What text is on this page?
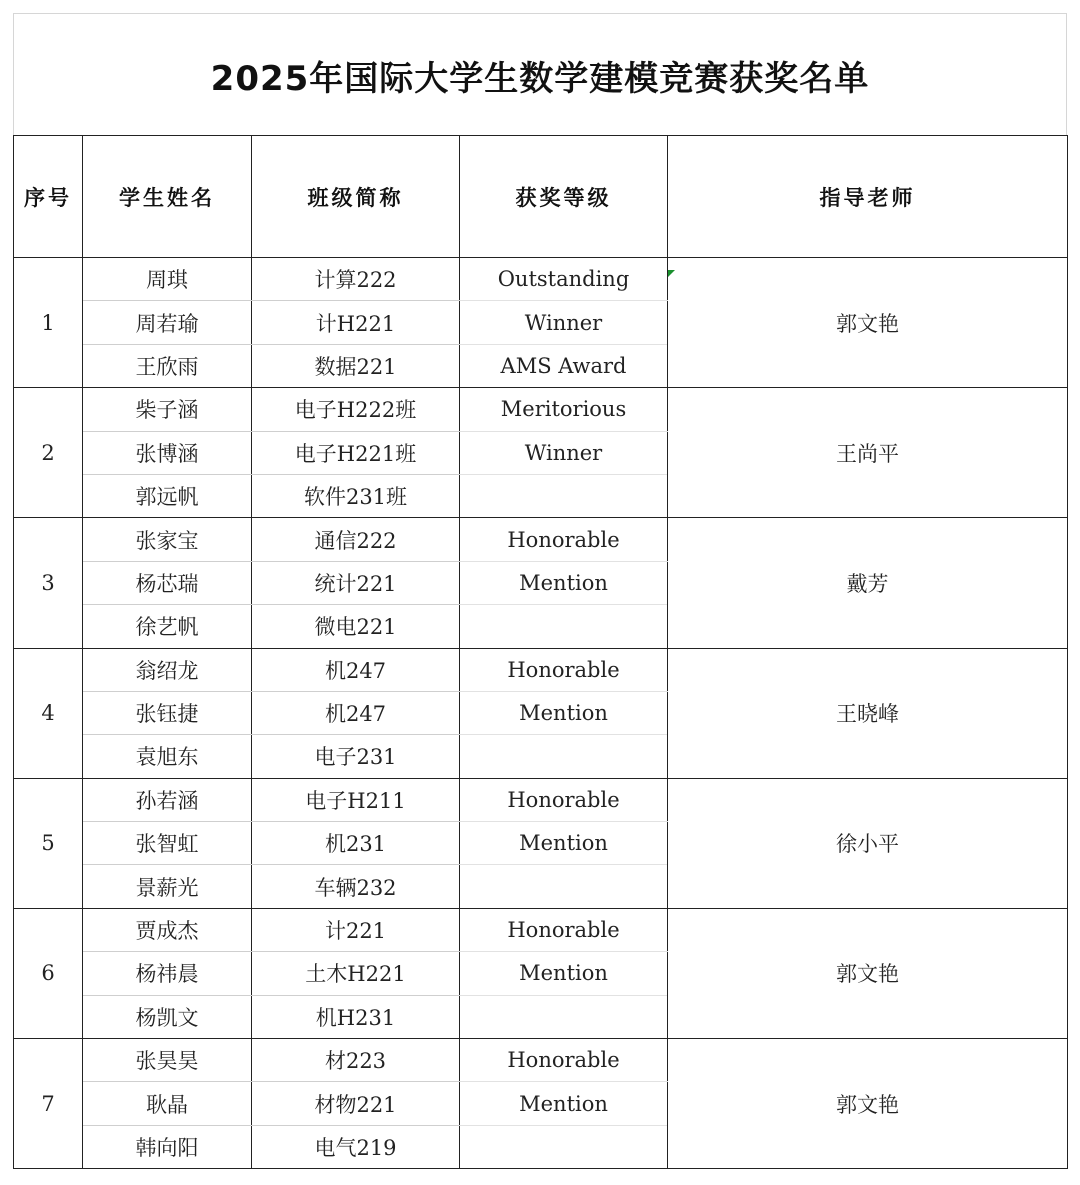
2025年国际大学生数学建模竞赛获奖名单
序号	学生姓名	班级简称	获奖等级	指导老师
1	周琪	计算222	Outstanding	郭文艳
	周若瑜	计H221	Winner	
	王欣雨	数据221	AMS Award	
2	柴子涵	电子H222班	Meritorious	王尚平
	张博涵	电子H221班	Winner	
	郭远帆	软件231班		
3	张家宝	通信222	Honorable	戴芳
	杨芯瑞	统计221	Mention	
	徐艺帆	微电221		
4	翁绍龙	机247	Honorable	王晓峰
	张钰捷	机247	Mention	
	袁旭东	电子231		
5	孙若涵	电子H211	Honorable	徐小平
	张智虹	机231	Mention	
	景薪光	车辆232		
6	贾成杰	计221	Honorable	郭文艳
	杨祎晨	土木H221	Mention	
	杨凯文	机H231		
7	张昊昊	材223	Honorable	郭文艳
	耿晶	材物221	Mention	
	韩向阳	电气219		
